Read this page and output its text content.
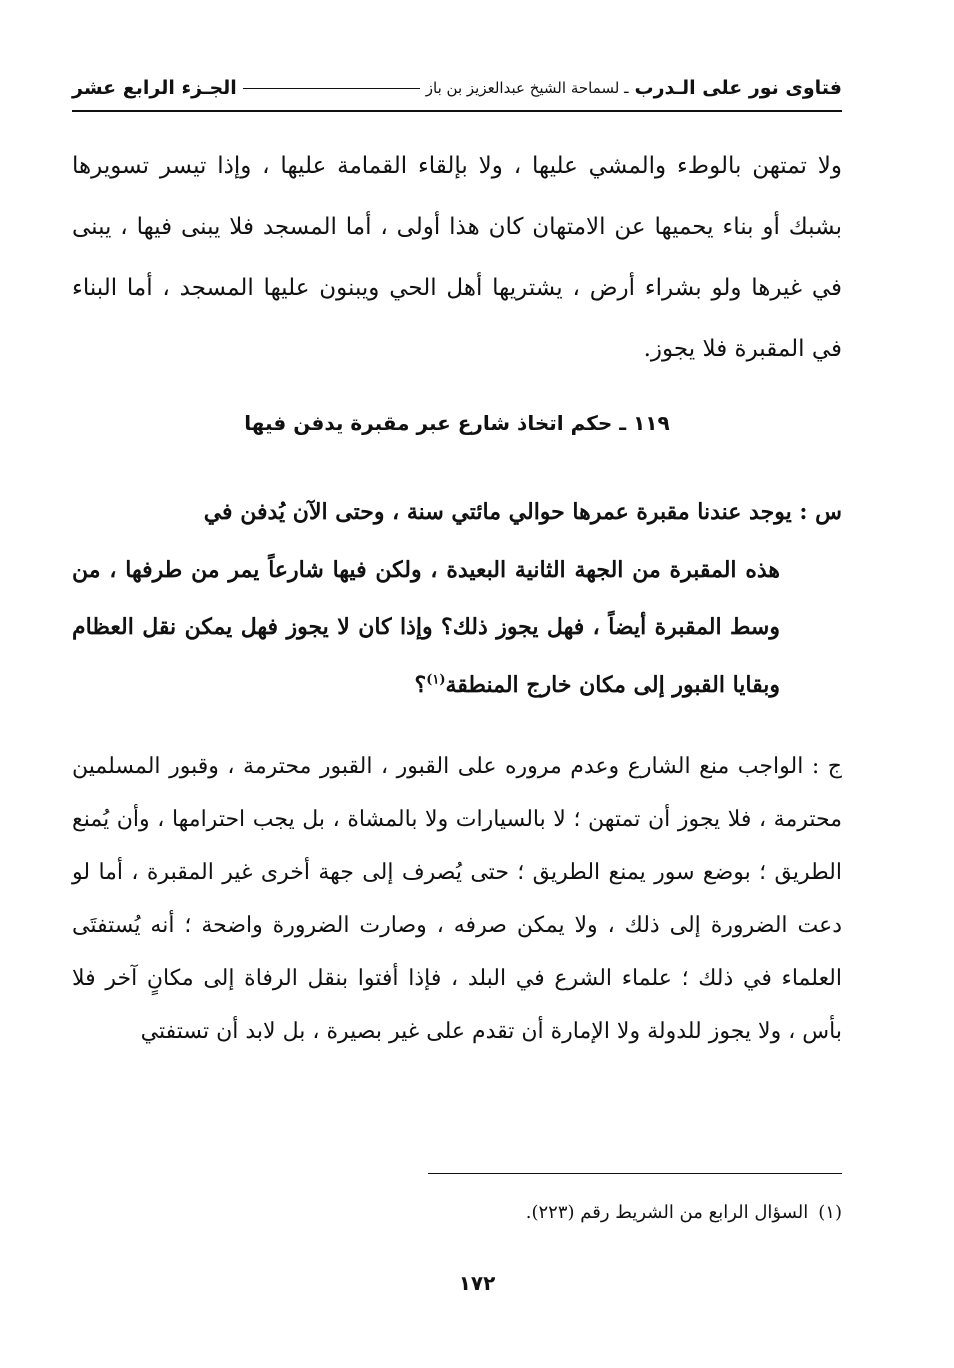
فتاوى نور على الـدرب
ـ لسماحة الشيخ عبدالعزيز بن باز
الجـزء الرابع عشر
ولا تمتهن بالوطء والمشي عليها ، ولا بإلقاء القمامة عليها ، وإذا تيسر تسويرها بشبك أو بناء يحميها عن الامتهان كان هذا أولى ، أما المسجد فلا يبنى فيها ، يبنى في غيرها ولو بشراء أرض ، يشتريها أهل الحي ويبنون عليها المسجد ، أما البناء في المقبرة فلا يجوز.
١١٩ ـ حكم اتخاذ شارع عبر مقبرة يدفن فيها
س : يوجد عندنا مقبرة عمرها حوالي مائتي سنة ، وحتى الآن يُدفن في
هذه المقبرة من الجهة الثانية البعيدة ، ولكن فيها شارعاً يمر من طرفها ، من وسط المقبرة أيضاً ، فهل يجوز ذلك؟ وإذا كان لا يجوز فهل يمكن نقل العظام وبقايا القبور إلى مكان خارج المنطقة$^{(١)}$؟
ج : الواجب منع الشارع وعدم مروره على القبور ، القبور محترمة ، وقبور المسلمين محترمة ، فلا يجوز أن تمتهن ؛ لا بالسيارات ولا بالمشاة ، بل يجب احترامها ، وأن يُمنع الطريق ؛ بوضع سور يمنع الطريق ؛ حتى يُصرف إلى جهة أخرى غير المقبرة ، أما لو دعت الضرورة إلى ذلك ، ولا يمكن صرفه ، وصارت الضرورة واضحة ؛ أنه يُستفتَى العلماء في ذلك ؛ علماء الشرع في البلد ، فإذا أفتوا بنقل الرفاة إلى مكانٍ آخر فلا بأس ، ولا يجوز للدولة ولا الإمارة أن تقدم على غير بصيرة ، بل لابد أن تستفتي
(١)السؤال الرابع من الشريط رقم (٢٢٣).
١٧٢
